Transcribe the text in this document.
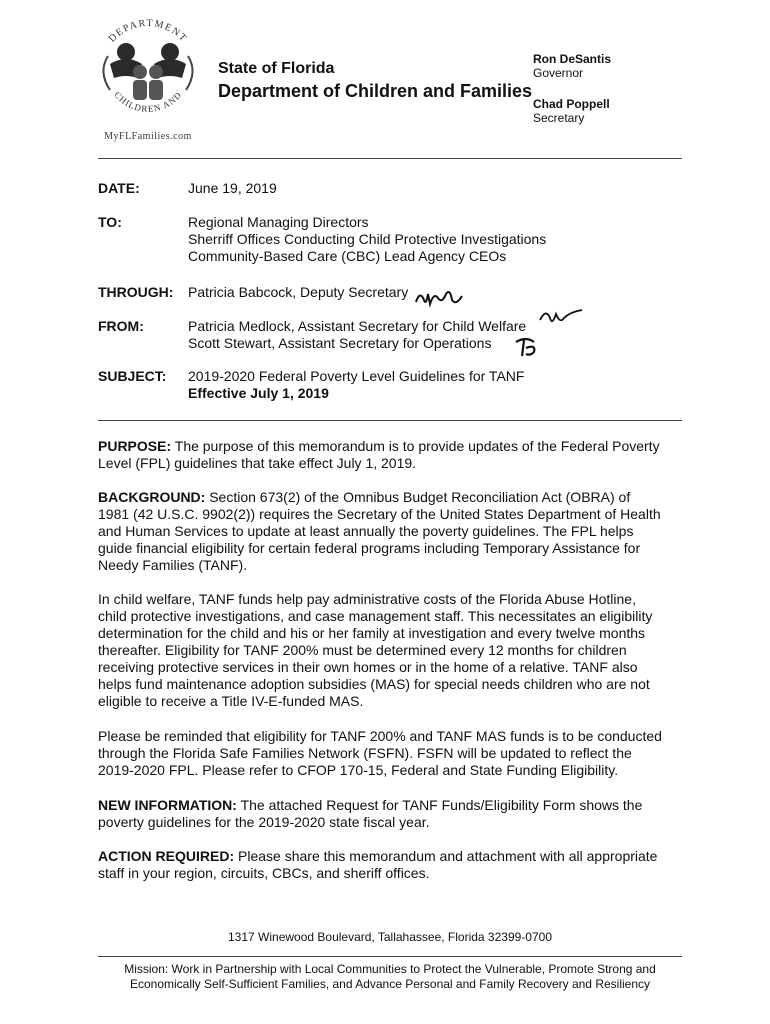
DEPARTMENT
CHILDREN AND
MyFLFamilies.com
State of Florida
Department of Children and Families
Ron DeSantis
Governor
Chad Poppell
Secretary
DATE:	June 19, 2019
TO:	Regional Managing Directors
Sherriff Offices Conducting Child Protective Investigations
Community-Based Care (CBC) Lead Agency CEOs
THROUGH:	Patricia Babcock, Deputy Secretary
FROM:	Patricia Medlock, Assistant Secretary for Child Welfare
Scott Stewart, Assistant Secretary for Operations
SUBJECT:	2019-2020 Federal Poverty Level Guidelines for TANF
Effective July 1, 2019
PURPOSE: The purpose of this memorandum is to provide updates of the Federal Poverty
Level (FPL) guidelines that take effect July 1, 2019.
BACKGROUND: Section 673(2) of the Omnibus Budget Reconciliation Act (OBRA) of
1981 (42 U.S.C. 9902(2)) requires the Secretary of the United States Department of Health
and Human Services to update at least annually the poverty guidelines. The FPL helps
guide financial eligibility for certain federal programs including Temporary Assistance for
Needy Families (TANF).
In child welfare, TANF funds help pay administrative costs of the Florida Abuse Hotline,
child protective investigations, and case management staff. This necessitates an eligibility
determination for the child and his or her family at investigation and every twelve months
thereafter. Eligibility for TANF 200% must be determined every 12 months for children
receiving protective services in their own homes or in the home of a relative. TANF also
helps fund maintenance adoption subsidies (MAS) for special needs children who are not
eligible to receive a Title IV-E-funded MAS.
Please be reminded that eligibility for TANF 200% and TANF MAS funds is to be conducted
through the Florida Safe Families Network (FSFN). FSFN will be updated to reflect the
2019-2020 FPL. Please refer to CFOP 170-15, Federal and State Funding Eligibility.
NEW INFORMATION: The attached Request for TANF Funds/Eligibility Form shows the
poverty guidelines for the 2019-2020 state fiscal year.
ACTION REQUIRED: Please share this memorandum and attachment with all appropriate
staff in your region, circuits, CBCs, and sheriff offices.
1317 Winewood Boulevard, Tallahassee, Florida 32399-0700
Mission: Work in Partnership with Local Communities to Protect the Vulnerable, Promote Strong and
Economically Self-Sufficient Families, and Advance Personal and Family Recovery and Resiliency
